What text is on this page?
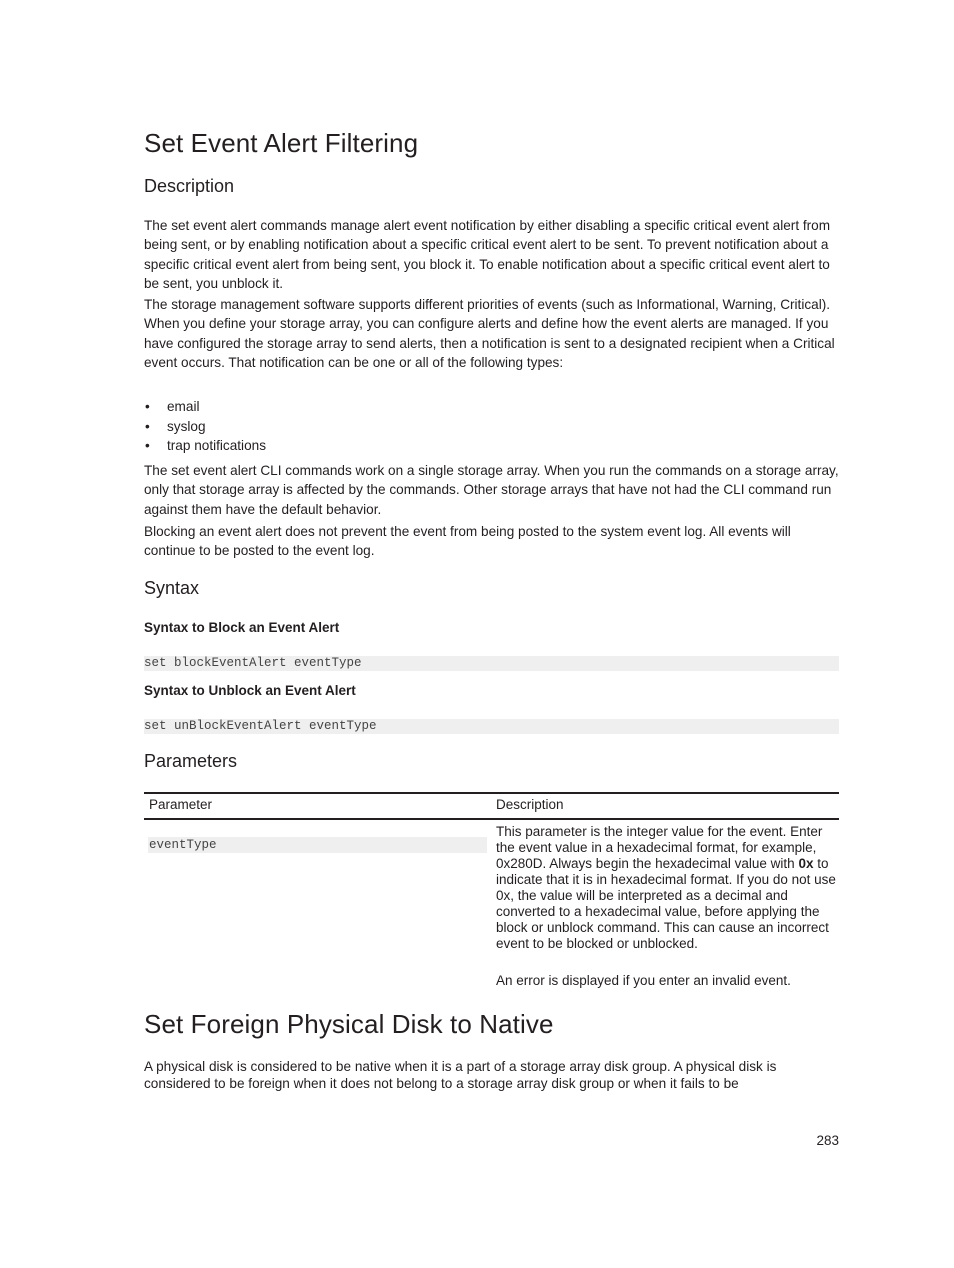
Set Event Alert Filtering
Description

The set event alert commands manage alert event notification by either disabling a specific critical event alert from being sent, or by enabling notification about a specific critical event alert to be sent. To prevent notification about a specific critical event alert from being sent, you block it. To enable notification about a specific critical event alert to be sent, you unblock it.

The storage management software supports different priorities of events (such as Informational, Warning, Critical). When you define your storage array, you can configure alerts and define how the event alerts are managed. If you have configured the storage array to send alerts, then a notification is sent to a designated recipient when a Critical event occurs. That notification can be one or all of the following types:

• email
• syslog
• trap notifications

The set event alert CLI commands work on a single storage array. When you run the commands on a storage array, only that storage array is affected by the commands. Other storage arrays that have not had the CLI command run against them have the default behavior.

Blocking an event alert does not prevent the event from being posted to the system event log. All events will continue to be posted to the event log.

Syntax
Syntax to Block an Event Alert
set blockEventAlert eventType
Syntax to Unblock an Event Alert
set unBlockEventAlert eventType
Parameters
Parameter	Description
eventType

This parameter is the integer value for the event. Enter the event value in a hexadecimal format, for example, 0x280D. Always begin the hexadecimal value with 0x to indicate that it is in hexadecimal format. If you do not use 0x, the value will be interpreted as a decimal and converted to a hexadecimal value, before applying the block or unblock command. This can cause an incorrect event to be blocked or unblocked.

An error is displayed if you enter an invalid event.

Set Foreign Physical Disk to Native

A physical disk is considered to be native when it is a part of a storage array disk group. A physical disk is considered to be foreign when it does not belong to a storage array disk group or when it fails to be

283
